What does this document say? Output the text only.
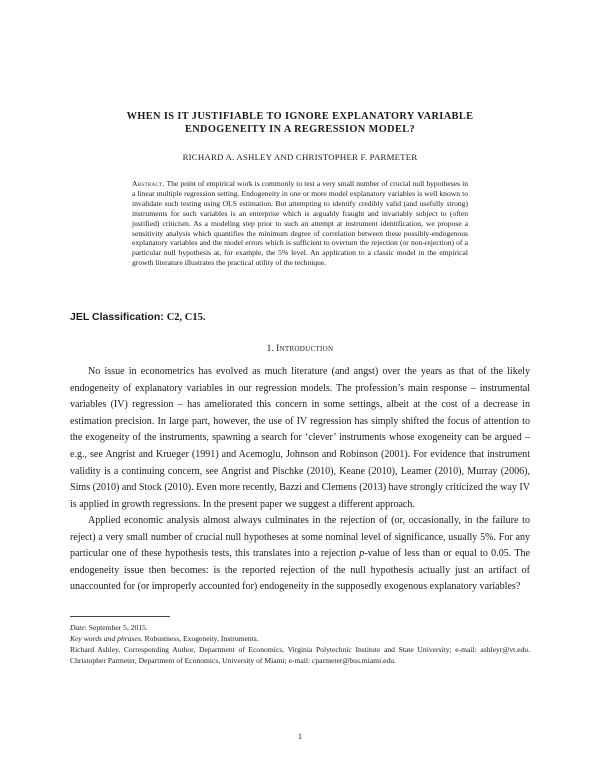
WHEN IS IT JUSTIFIABLE TO IGNORE EXPLANATORY VARIABLE
ENDOGENEITY IN A REGRESSION MODEL?
RICHARD A. ASHLEY AND CHRISTOPHER F. PARMETER
Abstract. The point of empirical work is commonly to test a very small number of crucial null hypotheses in a linear multiple regression setting. Endogeneity in one or more model explanatory variables is well known to invalidate such testing using OLS estimation. But attempting to identify credibly valid (and usefully strong) instruments for such variables is an enterprise which is arguably fraught and invariably subject to (often justified) criticism. As a modeling step prior to such an attempt at instrument identification, we propose a sensitivity analysis which quantifies the minimum degree of correlation between these possibly-endogenous explanatory variables and the model errors which is sufficient to overturn the rejection (or non-rejection) of a particular null hypothesis at, for example, the 5% level. An application to a classic model in the empirical growth literature illustrates the practical utility of the technique.
JEL Classification: C2, C15.
1. Introduction

No issue in econometrics has evolved as much literature (and angst) over the years as that of the likely endogeneity of explanatory variables in our regression models. The profession’s main response – instrumental variables (IV) regression – has ameliorated this concern in some settings, albeit at the cost of a decrease in estimation precision. In large part, however, the use of IV regression has simply shifted the focus of attention to the exogeneity of the instruments, spawning a search for ‘clever’ instruments whose exogeneity can be argued – e.g., see Angrist and Krueger (1991) and Acemoglu, Johnson and Robinson (2001). For evidence that instrument validity is a continuing concern, see Angrist and Pischke (2010), Keane (2010), Leamer (2010), Murray (2006), Sims (2010) and Stock (2010). Even more recently, Bazzi and Clemens (2013) have strongly criticized the way IV is applied in growth regressions. In the present paper we suggest a different approach.

Applied economic analysis almost always culminates in the rejection of (or, occasionally, in the failure to reject) a very small number of crucial null hypotheses at some nominal level of significance, usually 5%. For any particular one of these hypothesis tests, this translates into a rejection p-value of less than or equal to 0.05. The endogeneity issue then becomes: is the reported rejection of the null hypothesis actually just an artifact of unaccounted for (or improperly accounted for) endogeneity in the supposedly exogenous explanatory variables?

Date: September 5, 2015.
Key words and phrases. Robustness, Exogeneity, Instruments.
Richard Ashley, Corresponding Author, Department of Economics, Virginia Polytechnic Institute and State University; e-mail: ashleyr@vt.edu. Christopher Parmeter, Department of Economics, University of Miami; e-mail: cparmeter@bus.miami.edu.
1
